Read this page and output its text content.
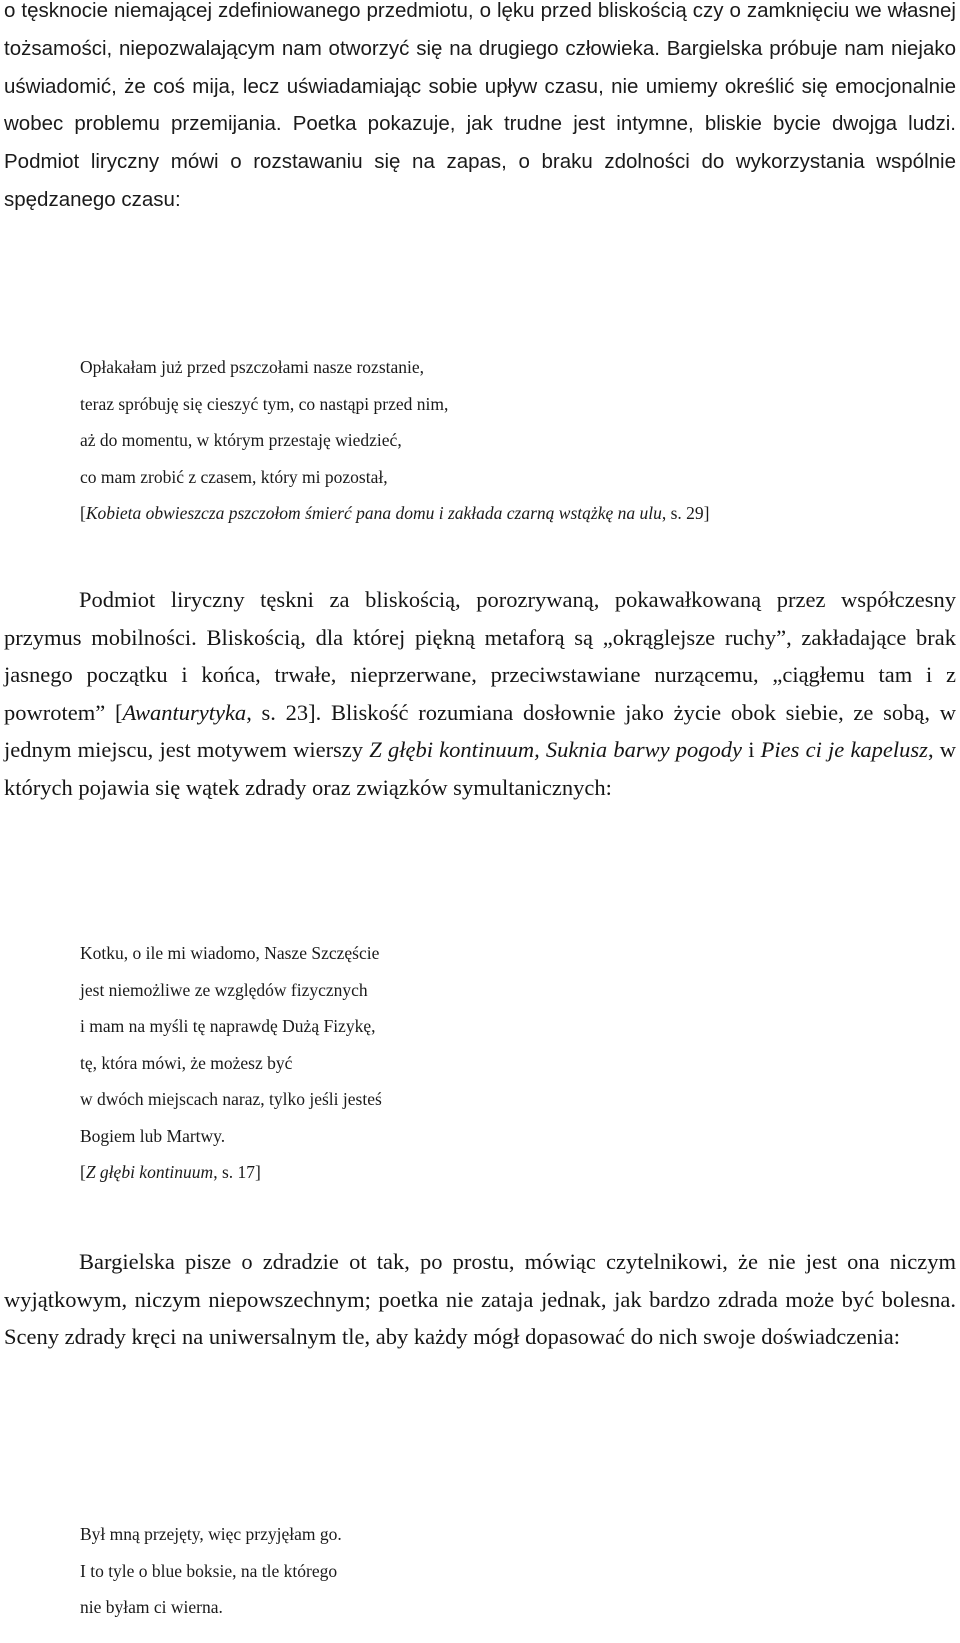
o tęsknocie niemającej zdefiniowanego przedmiotu, o lęku przed bliskością czy o zamknięciu we własnej tożsamości, niepozwalającym nam otworzyć się na drugiego człowieka. Bargielska próbuje nam niejako uświadomić, że coś mija, lecz uświadamiając sobie upływ czasu, nie umiemy określić się emocjonalnie wobec problemu przemijania. Poetka pokazuje, jak trudne jest intymne, bliskie bycie dwojga ludzi. Podmiot liryczny mówi o rozstawaniu się na zapas, o braku zdolności do wykorzystania wspólnie spędzanego czasu:

Opłakałam już przed pszczołami nasze rozstanie,
teraz spróbuję się cieszyć tym, co nastąpi przed nim,
aż do momentu, w którym przestaję wiedzieć,
co mam zrobić z czasem, który mi pozostał,
[Kobieta obwieszcza pszczołom śmierć pana domu i zakłada czarną wstążkę na ulu, s. 29]

Podmiot liryczny tęskni za bliskością, porozrywaną, pokawałkowaną przez współczesny przymus mobilności. Bliskością, dla której piękną metaforą są „okrąglejsze ruchy”, zakładające brak jasnego początku i końca, trwałe, nieprzerwane, przeciwstawiane nurzącemu, „ciągłemu tam i z powrotem” [Awanturytyka, s. 23]. Bliskość rozumiana dosłownie jako życie obok siebie, ze sobą, w jednym miejscu, jest motywem wierszy Z głębi kontinuum, Suknia barwy pogody i Pies ci je kapelusz, w których pojawia się wątek zdrady oraz związków symultanicznych:

Kotku, o ile mi wiadomo, Nasze Szczęście
jest niemożliwe ze względów fizycznych
i mam na myśli tę naprawdę Dużą Fizykę,
tę, która mówi, że możesz być
w dwóch miejscach naraz, tylko jeśli jesteś
Bogiem lub Martwy.
[Z głębi kontinuum, s. 17]

Bargielska pisze o zdradzie ot tak, po prostu, mówiąc czytelnikowi, że nie jest ona niczym wyjątkowym, niczym niepowszechnym; poetka nie zataja jednak, jak bardzo zdrada może być bolesna. Sceny zdrady kręci na uniwersalnym tle, aby każdy mógł dopasować do nich swoje doświadczenia:

Był mną przejęty, więc przyjęłam go.
I to tyle o blue boksie, na tle którego
nie byłam ci wierna.
